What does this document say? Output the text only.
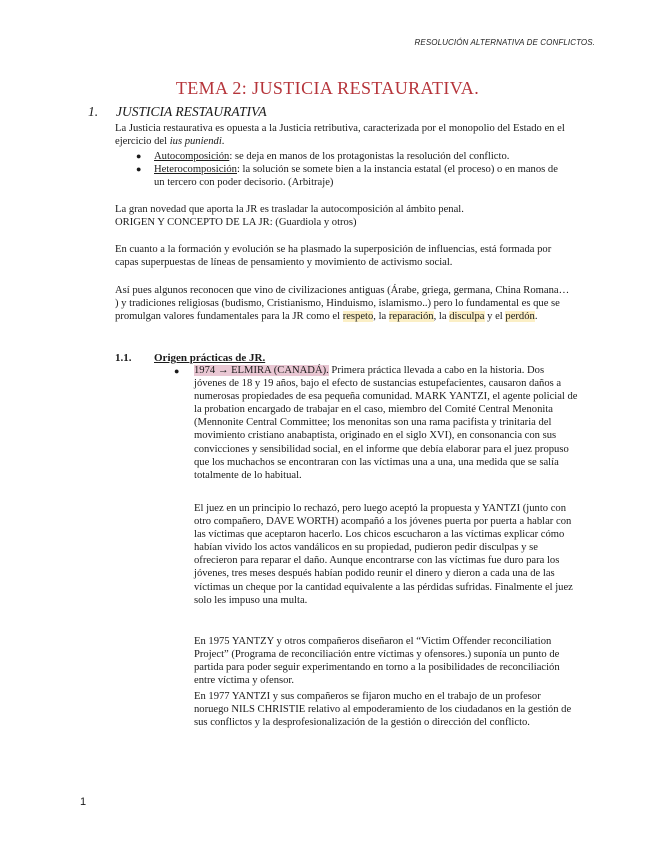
RESOLUCIÓN ALTERNATIVA DE CONFLICTOS.
TEMA 2: JUSTICIA RESTAURATIVA.
1. JUSTICIA RESTAURATIVA
La Justicia restaurativa es opuesta a la Justicia retributiva, caracterizada por el monopolio del Estado en el ejercicio del ius puniendi.
● Autocomposición: se deja en manos de los protagonistas la resolución del conflicto.
● Heterocomposición: la solución se somete bien a la instancia estatal (el proceso) o en manos de un tercero con poder decisorio. (Arbitraje)
La gran novedad que aporta la JR es trasladar la autocomposición al ámbito penal.
ORIGEN Y CONCEPTO DE LA JR: (Guardiola y otros)
En cuanto a la formación y evolución se ha plasmado la superposición de influencias, está formada por capas superpuestas de líneas de pensamiento y movimiento de activismo social.
Así pues algunos reconocen que vino de civilizaciones antiguas (Árabe, griega, germana, China Romana… ) y tradiciones religiosas (budismo, Cristianismo, Hinduismo, islamismo..) pero lo fundamental es que se promulgan valores fundamentales para la JR como el respeto, la reparación, la disculpa y el perdón.
1.1. Origen prácticas de JR.
● 1974 → ELMIRA (CANADÁ). Primera práctica llevada a cabo en la historia. Dos jóvenes de 18 y 19 años, bajo el efecto de sustancias estupefacientes, causaron daños a numerosas propiedades de esa pequeña comunidad. MARK YANTZI, el agente policial de la probation encargado de trabajar en el caso, miembro del Comité Central Menonita (Mennonite Central Committee; los menonitas son una rama pacifista y trinitaria del movimiento cristiano anabaptista, originado en el siglo XVI), en consonancia con sus convicciones y sensibilidad social, en el informe que debía elaborar para el juez propuso que los muchachos se encontraran con las víctimas una a una, una medida que se salía totalmente de lo habitual.
El juez en un principio lo rechazó, pero luego aceptó la propuesta y YANTZI (junto con otro compañero, DAVE WORTH) acompañó a los jóvenes puerta por puerta a hablar con las víctimas que aceptaron hacerlo. Los chicos escucharon a las víctimas explicar cómo habían vivido los actos vandálicos en su propiedad, pudieron pedir disculpas y se ofrecieron para reparar el daño. Aunque encontrarse con las víctimas fue duro para los jóvenes, tres meses después habían podido reunir el dinero y dieron a cada una de las víctimas un cheque por la cantidad equivalente a las pérdidas sufridas. Finalmente el juez solo les impuso una multa.
En 1975 YANTZY y otros compañeros diseñaron el “Victim Offender reconciliation Project” (Programa de reconciliación entre víctimas y ofensores.) suponía un punto de partida para poder seguir experimentando en torno a la posibilidades de reconciliación entre víctima y ofensor.
En 1977 YANTZI y sus compañeros se fijaron mucho en el trabajo de un profesor noruego NILS CHRISTIE relativo al empoderamiento de los ciudadanos en la gestión de sus conflictos y la desprofesionalización de la gestión o dirección del conflicto.
1
